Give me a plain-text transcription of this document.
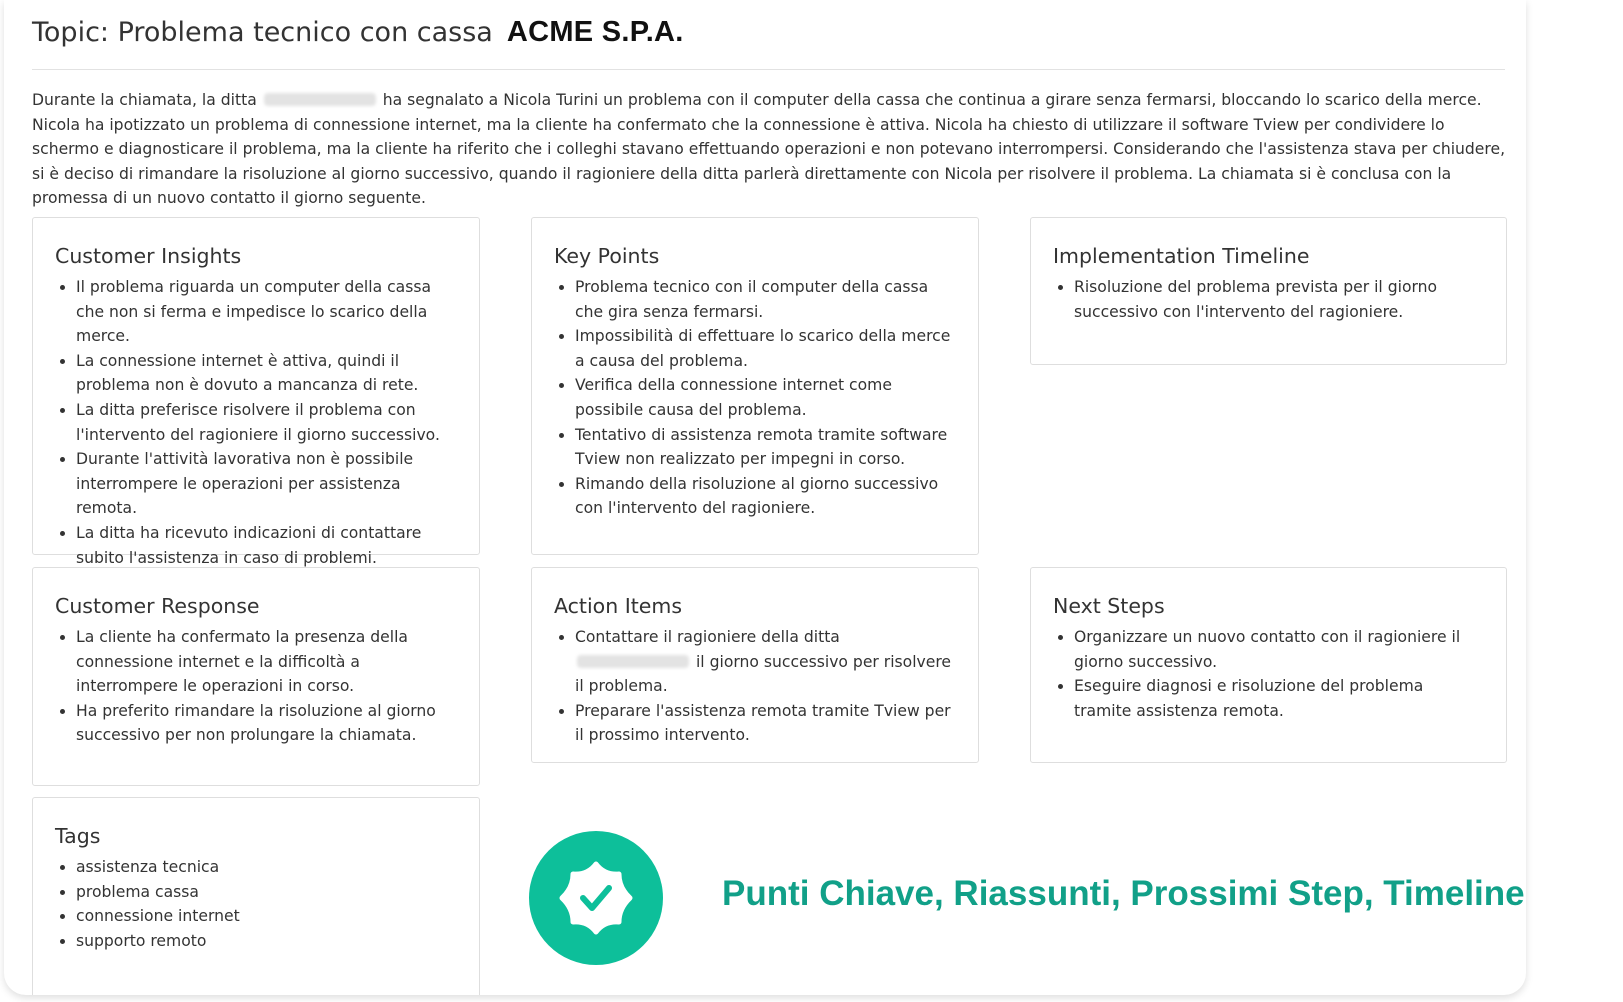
Topic: Problema tecnico con cassa ACME S.P.A.

Durante la chiamata, la ditta	ha segnalato a Nicola Turini un problema con il computer della cassa che continua a girare senza fermarsi, bloccando lo scarico della merce. Nicola ha ipotizzato un problema di connessione internet, ma la cliente ha confermato che la connessione è attiva. Nicola ha chiesto di utilizzare il software Tview per condividere lo schermo e diagnosticare il problema, ma la cliente ha riferito che i colleghi stavano effettuando operazioni e non potevano interrompersi. Considerando che l'assistenza stava per chiudere, si è deciso di rimandare la risoluzione al giorno successivo, quando il ragioniere della ditta parlerà direttamente con Nicola per risolvere il problema. La chiamata si è conclusa con la promessa di un nuovo contatto il giorno seguente.

Customer Insights
• Il problema riguarda un computer della cassa che non si ferma e impedisce lo scarico della merce.
• La connessione internet è attiva, quindi il problema non è dovuto a mancanza di rete.
• La ditta preferisce risolvere il problema con l'intervento del ragioniere il giorno successivo.
• Durante l'attività lavorativa non è possibile interrompere le operazioni per assistenza remota.
• La ditta ha ricevuto indicazioni di contattare subito l'assistenza in caso di problemi.
Key Points
• Problema tecnico con il computer della cassa che gira senza fermarsi.
• Impossibilità di effettuare lo scarico della merce a causa del problema.
• Verifica della connessione internet come possibile causa del problema.
• Tentativo di assistenza remota tramite software Tview non realizzato per impegni in corso.
• Rimando della risoluzione al giorno successivo con l'intervento del ragioniere.
Implementation Timeline
• Risoluzione del problema prevista per il giorno successivo con l'intervento del ragioniere.
Customer Response
• La cliente ha confermato la presenza della connessione internet e la difficoltà a interrompere le operazioni in corso.
• Ha preferito rimandare la risoluzione al giorno successivo per non prolungare la chiamata.
Action Items
• Contattare il ragioniere della ditta  il giorno successivo per risolvere il problema.
• Preparare l'assistenza remota tramite Tview per il prossimo intervento.
Next Steps
• Organizzare un nuovo contatto con il ragioniere il giorno successivo.
• Eseguire diagnosi e risoluzione del problema tramite assistenza remota.
Tags
• assistenza tecnica
• problema cassa
• connessione internet
• supporto remoto
Punti Chiave, Riassunti, Prossimi Step, Timeline
